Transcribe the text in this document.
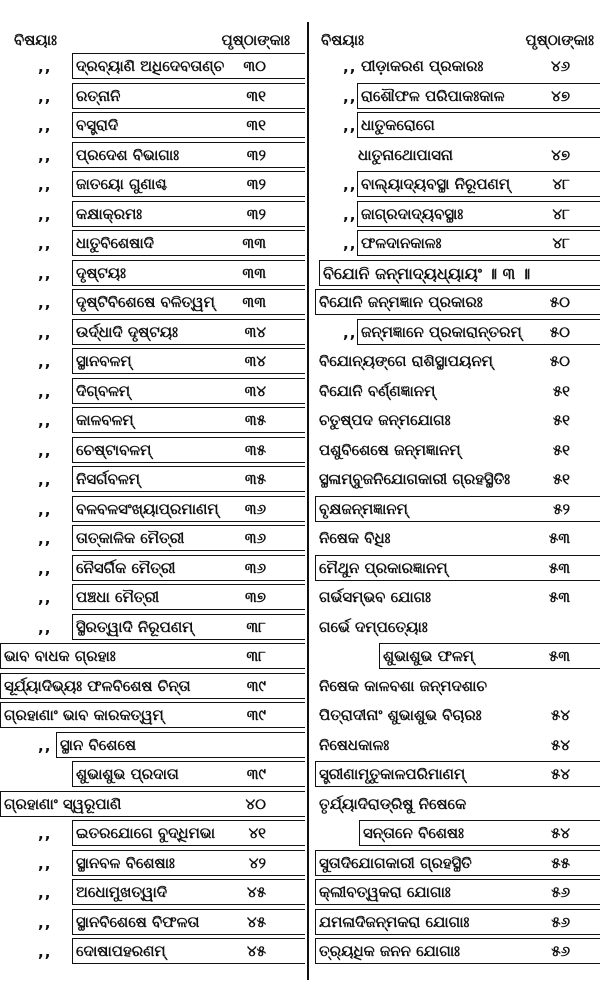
ବିଷୟାଃ	ପୃଷ୍ଠାଙ୍କାଃ
,, ଦ୍ରବ୍ୟାଣି ଅଧିଦେବତାଣ୍ଚ ୩୦
,, ରତ୍ନାନି	୩୧
,, ବସ୍ତ୍ରାଦି	୩୧
,, ପ୍ରଦେଶ ବିଭାଗାଃ	୩୨
,, ଜାତୟୋ ଗୁଣାଶ୍ଚ	୩୨
,, କକ୍ଷାକ୍ରମଃ	୩୨
,, ଧାତୁବିଶେଷାଦି	୩୩
,, ଦୃଷ୍ଟୟଃ	୩୩
,, ଦୃଷ୍ଟିବିଶେଷେ ବଳିତ୍ୱମ୍ ୩୩
,, ଉର୍ଦ୍ଧାଦି ଦୃଷ୍ଟୟଃ	୩୪
,, ସ୍ଥାନବଳମ୍	୩୪
,, ଦିଗ୍‌ବଳମ୍	୩୪
,, କାଳବଳମ୍	୩୫
,, ଚେଷ୍ଟାବଳମ୍	୩୫
,, ନିସର୍ଗବଳମ୍	୩୫
,, ବଳବଳସଂଖ୍ୟାପ୍ରମାଣମ୍ ୩୬
,, ତାତ୍କାଳିକ ମୈତ୍ରୀ	୩୬
,, ନୈସର୍ଗିକ ମୈତ୍ରୀ	୩୬
,, ପଞ୍ଚଧା ମୈତ୍ରୀ	୩୭
,, ସ୍ଥିରତ୍ୱାଦି ନିରୂପଣମ୍	୩୮
ଭାବ ବାଧକ ଗ୍ରହାଃ	୩୮
ସୂର୍ଯ୍ୟାଦିଭ୍ୟଃ ଫଳବିଶେଷ ଚିନ୍ତା	୩୯
ଗ୍ରହାଣାଂ ଭାବ କାରକତ୍ୱମ୍	୩୯
,, ସ୍ଥାନ ବିଶେଷେ
ଶୁଭାଶୁଭ ପ୍ରଦାତା	୩୯
ଗ୍ରହାଣାଂ ସ୍ୱରୂପାଣି	୪୦
,, ଇତରଯୋଗେ ବୁଦ୍ଧିମଭା ୪୧
,, ସ୍ଥାନବଳ ବିଶେଷାଃ	୪୨
,, ଅଧୋମୁଖତ୍ୱାଦି	୪୫
,, ସ୍ଥାନବିଶେଷେ ବିଫଳତା	୪୫
,, ଦୋଷାପହରଣମ୍	୪୫
ବିଷୟାଃ	ପୃଷ୍ଠାଙ୍କାଃ
,, ପୀଡ଼ାକରଣ ପ୍ରକାରଃ	୪୬
,, ରାଶୌଫଳ ପରିପାକଃକାଳ	୪୭
,, ଧାତୁକରୋଗେ
ଧାତୁନାଥୋପାସନା	୪୭
,, ବାଲ୍ୟାଦ୍ୟବସ୍ଥା ନିରୂପଣମ୍	୪୮
,, ଜାଗ୍ରଦାଦ୍ୟବସ୍ଥାଃ	୪୮
,, ଫଳଦାନକାଳଃ	୪୮
ବିଯୋନି ଜନ୍ମାଦ୍ୟଧ୍ୟାୟଂ ॥ ୩ ॥
ବିଯୋନି ଜନ୍ମଜ୍ଞାନ ପ୍ରକାରଃ	୫୦
,, ଜନ୍ମଜ୍ଞାନେ ପ୍ରକାରାନ୍ତରମ୍ ୫୦
ବିଯୋନ୍ୟଙ୍ଗେ ରାଶିସ୍ଥାପୟନମ୍	୫୦
ବିଯୋନି ବର୍ଣ୍ଣଜ୍ଞାନମ୍	୫୧
ଚତୁଷ୍ପଦ ଜନ୍ମଯୋଗଃ	୫୧
ପଶୁବିଶେଷେ ଜନ୍ମଜ୍ଞାନମ୍	୫୧
ସ୍ଥଳାମ୍ବୁଜନିଯୋଗକାରୀ ଗ୍ରହସ୍ଥିତିଃ	୫୧
ବୃକ୍ଷଜନ୍ମଜ୍ଞାନମ୍	୫୨
ନିଷେକ ବିଧିଃ	୫୩
ମୈଥୁନ ପ୍ରକାରଜ୍ଞାନମ୍	୫୩
ଗର୍ଭସମ୍ଭବ ଯୋଗଃ	୫୩
ଗର୍ଭେ ଦମ୍ପତ୍ୟୋଃ
ଶୁଭାଶୁଭ ଫଳମ୍	୫୩
ନିଷେକ କାଳବଶା ଜନ୍ମଦଶାଚ
ପିତ୍ରାଦୀନାଂ ଶୁଭାଶୁଭ ବିଚାରଃ	୫୪
ନିଷେଧକାଳଃ	୫୪
ସ୍ତ୍ରୀଣାମୃତୁକାଳପରିମାଣମ୍	୫୪
ତୃର୍ଯ୍ୟାଦିରାଡ୍ରିଷୁ ନିଷେକେ
ସନ୍ତାନେ ବିଶେଷଃ	୫୪
ସୁତାଦିଯୋଗକାରୀ ଗ୍ରହସ୍ଥିତି	୫୫
କ୍ଲୀବତ୍ୱକରା ଯୋଗାଃ	୫୬
ଯମଳାଦିଜନ୍ମକରା ଯୋଗାଃ	୫୬
ତ୍ର୍ୟଧିକ ଜନନ ଯୋଗାଃ	୫୬
